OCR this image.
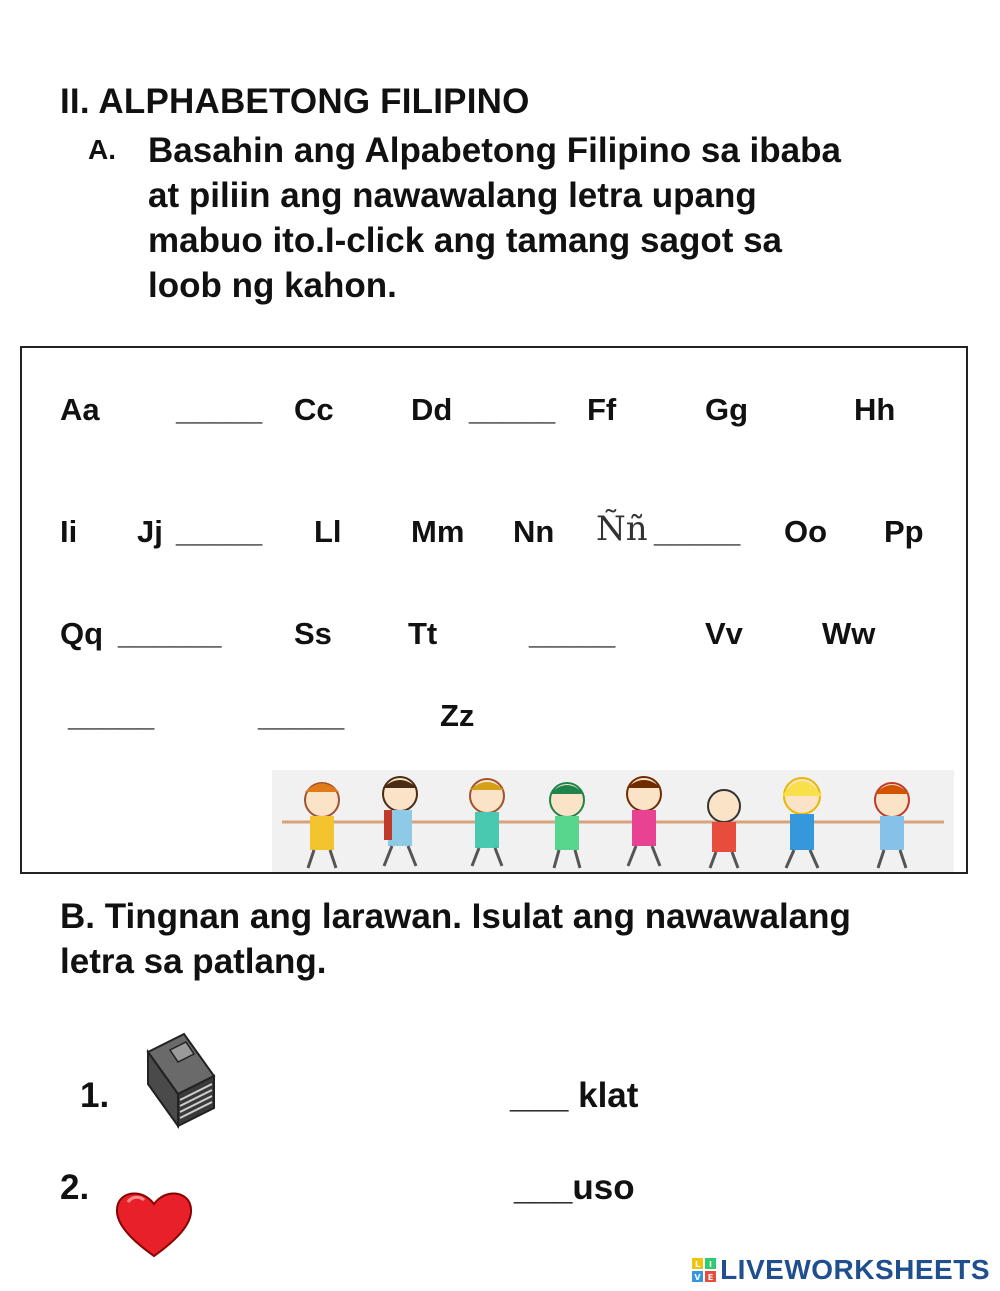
II. ALPHABETONG FILIPINO
A. Basahin ang Alpabetong Filipino sa ibaba
at piliin ang nawawalang letra upang
mabuo ito.I-click ang tamang sagot sa
loob ng kahon.
Aa _____ Cc Dd _____ Ff	Gg	Hh
Ii Jj _____ Ll Mm Nn Ññ _____ Oo Pp
Qq ______ Ss Tt	_____	Vv	Ww
_____	_____	Zz
B. Tingnan ang larawan. Isulat ang nawawalang
letra sa patlang.
1.	___ klat
2.	___uso
L I
V E LIVEWORKSHEETS
